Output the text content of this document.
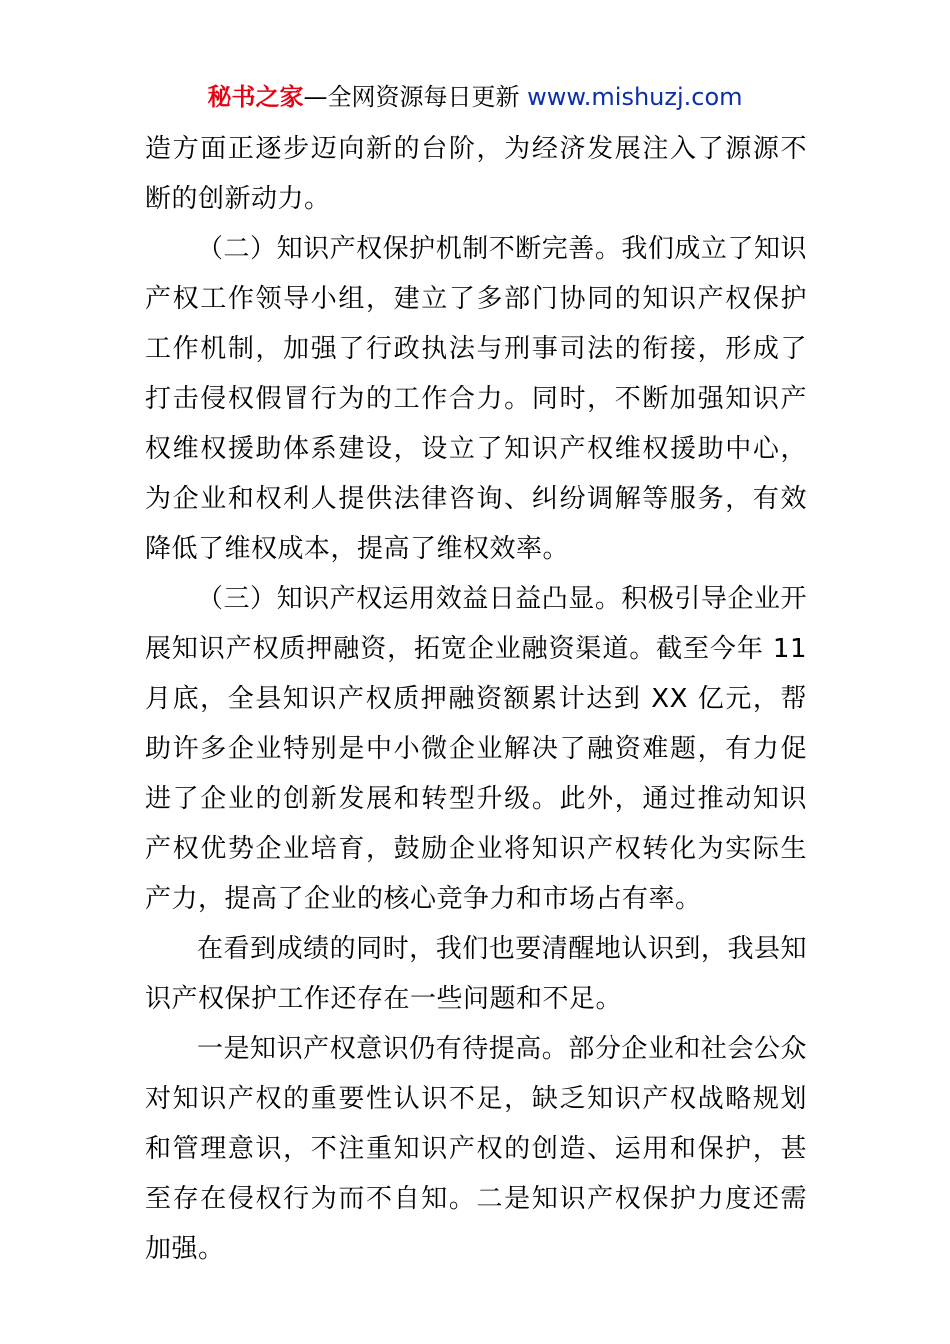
秘书之家—全网资源每日更新 www.mishuzj.com

造方面正逐步迈向新的台阶，为经济发展注入了源源不断的创新动力。

（二）知识产权保护机制不断完善。我们成立了知识产权工作领导小组，建立了多部门协同的知识产权保护工作机制，加强了行政执法与刑事司法的衔接，形成了打击侵权假冒行为的工作合力。同时，不断加强知识产权维权援助体系建设，设立了知识产权维权援助中心，为企业和权利人提供法律咨询、纠纷调解等服务，有效降低了维权成本，提高了维权效率。

（三）知识产权运用效益日益凸显。积极引导企业开展知识产权质押融资，拓宽企业融资渠道。截至今年 11 月底，全县知识产权质押融资额累计达到 XX 亿元，帮助许多企业特别是中小微企业解决了融资难题，有力促进了企业的创新发展和转型升级。此外，通过推动知识产权优势企业培育，鼓励企业将知识产权转化为实际生产力，提高了企业的核心竞争力和市场占有率。

在看到成绩的同时，我们也要清醒地认识到，我县知识产权保护工作还存在一些问题和不足。

一是知识产权意识仍有待提高。部分企业和社会公众对知识产权的重要性认识不足，缺乏知识产权战略规划和管理意识，不注重知识产权的创造、运用和保护，甚至存在侵权行为而不自知。二是知识产权保护力度还需加强。
